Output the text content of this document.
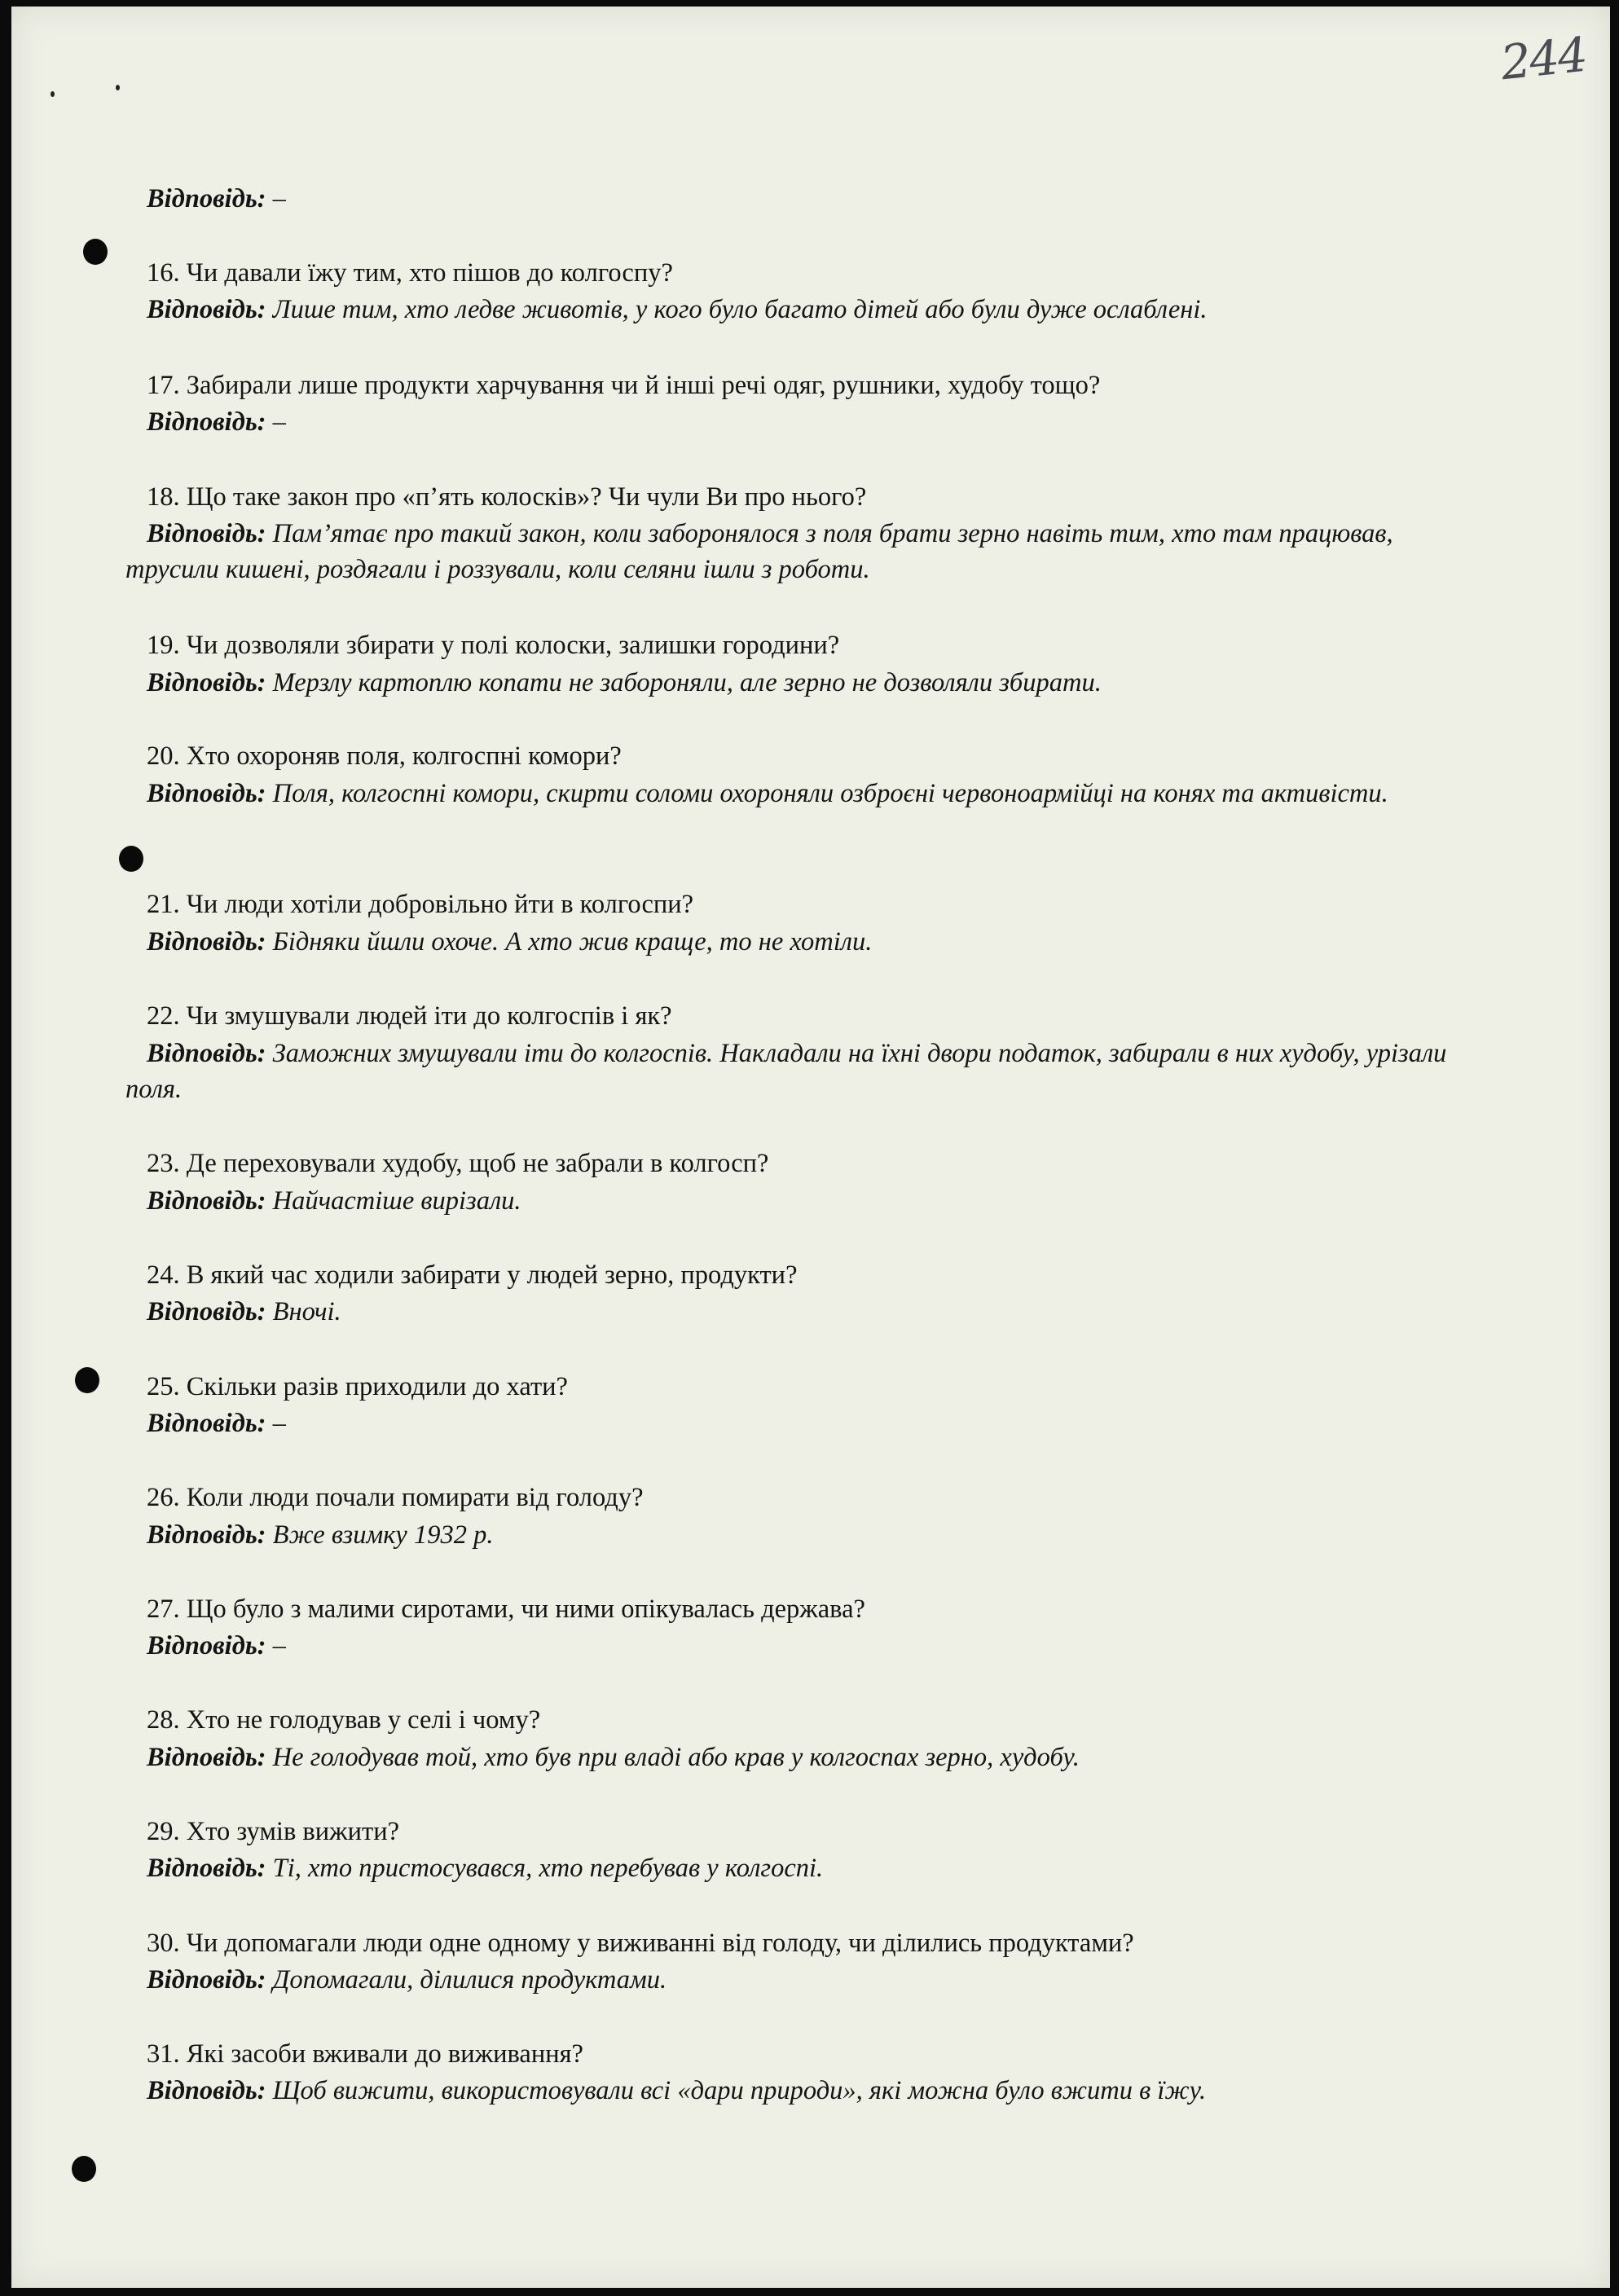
244
Відповідь: –
16. Чи давали їжу тим, хто пішов до колгоспу?
Відповідь: Лише тим, хто ледве животів, у кого було багато дітей або були дуже ослаблені.
17. Забирали лише продукти харчування чи й інші речі одяг, рушники, худобу тощо?
Відповідь: –
18. Що таке закон про «п’ять колосків»? Чи чули Ви про нього?
Відповідь: Пам’ятає про такий закон, коли заборонялося з поля брати зерно навіть тим, хто там працював, трусили кишені, роздягали і роззували, коли селяни ішли з роботи.
19. Чи дозволяли збирати у полі колоски, залишки городини?
Відповідь: Мерзлу картоплю копати не забороняли, але зерно не дозволяли збирати.
20. Хто охороняв поля, колгоспні комори?
Відповідь: Поля, колгоспні комори, скирти соломи охороняли озброєні червоноармійці на конях та активісти.
21. Чи люди хотіли добровільно йти в колгоспи?
Відповідь: Бідняки йшли охоче. А хто жив краще, то не хотіли.
22. Чи змушували людей іти до колгоспів і як?
Відповідь: Заможних змушували іти до колгоспів. Накладали на їхні двори податок, забирали в них худобу, урізали поля.
23. Де переховували худобу, щоб не забрали в колгосп?
Відповідь: Найчастіше вирізали.
24. В який час ходили забирати у людей зерно, продукти?
Відповідь: Вночі.
25. Скільки разів приходили до хати?
Відповідь: –
26. Коли люди почали помирати від голоду?
Відповідь: Вже взимку 1932 р.
27. Що було з малими сиротами, чи ними опікувалась держава?
Відповідь: –
28. Хто не голодував у селі і чому?
Відповідь: Не голодував той, хто був при владі або крав у колгоспах зерно, худобу.
29. Хто зумів вижити?
Відповідь: Ті, хто пристосувався, хто перебував у колгоспі.
30. Чи допомагали люди одне одному у виживанні від голоду, чи ділились продуктами?
Відповідь: Допомагали, ділилися продуктами.
31. Які засоби вживали до виживання?
Відповідь: Щоб вижити, використовували всі «дари природи», які можна було вжити в їжу.
